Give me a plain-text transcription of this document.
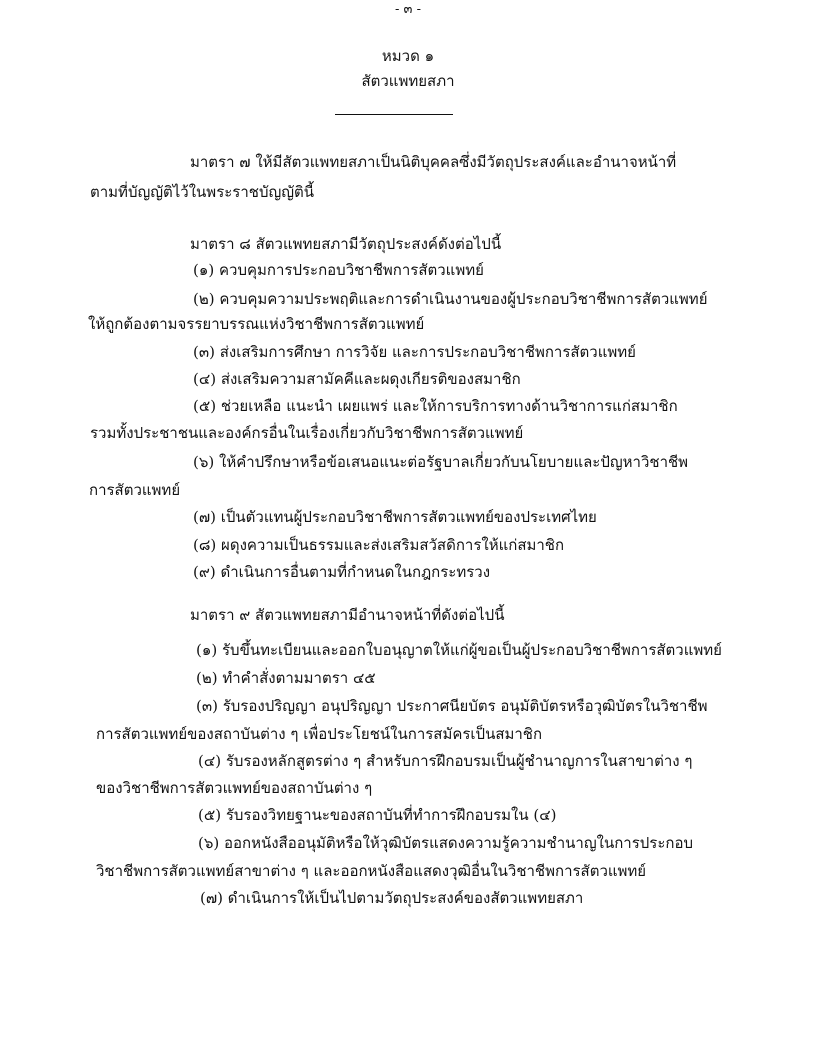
- ๓ -
หมวด ๑
สัตวแพทยสภา
มาตรา ๗ ให้มีสัตวแพทยสภาเป็นนิติบุคคลซึ่งมีวัตถุประสงค์และอำนาจหน้าที่
ตามที่บัญญัติไว้ในพระราชบัญญัตินี้
มาตรา ๘ สัตวแพทยสภามีวัตถุประสงค์ดังต่อไปนี้
(๑) ควบคุมการประกอบวิชาชีพการสัตวแพทย์
(๒) ควบคุมความประพฤติและการดำเนินงานของผู้ประกอบวิชาชีพการสัตวแพทย์
ให้ถูกต้องตามจรรยาบรรณแห่งวิชาชีพการสัตวแพทย์
(๓) ส่งเสริมการศึกษา การวิจัย และการประกอบวิชาชีพการสัตวแพทย์
(๔) ส่งเสริมความสามัคคีและผดุงเกียรติของสมาชิก
(๕) ช่วยเหลือ แนะนำ เผยแพร่ และให้การบริการทางด้านวิชาการแก่สมาชิก
รวมทั้งประชาชนและองค์กรอื่นในเรื่องเกี่ยวกับวิชาชีพการสัตวแพทย์
(๖) ให้คำปรึกษาหรือข้อเสนอแนะต่อรัฐบาลเกี่ยวกับนโยบายและปัญหาวิชาชีพ
การสัตวแพทย์
(๗) เป็นตัวแทนผู้ประกอบวิชาชีพการสัตวแพทย์ของประเทศไทย
(๘) ผดุงความเป็นธรรมและส่งเสริมสวัสดิการให้แก่สมาชิก
(๙) ดำเนินการอื่นตามที่กำหนดในกฎกระทรวง
มาตรา ๙ สัตวแพทยสภามีอำนาจหน้าที่ดังต่อไปนี้
(๑) รับขึ้นทะเบียนและออกใบอนุญาตให้แก่ผู้ขอเป็นผู้ประกอบวิชาชีพการสัตวแพทย์
(๒) ทำคำสั่งตามมาตรา ๔๕
(๓) รับรองปริญญา อนุปริญญา ประกาศนียบัตร อนุมัติบัตรหรือวุฒิบัตรในวิชาชีพ
การสัตวแพทย์ของสถาบันต่าง ๆ เพื่อประโยชน์ในการสมัครเป็นสมาชิก
(๔) รับรองหลักสูตรต่าง ๆ สำหรับการฝึกอบรมเป็นผู้ชำนาญการในสาขาต่าง ๆ
ของวิชาชีพการสัตวแพทย์ของสถาบันต่าง ๆ
(๕) รับรองวิทยฐานะของสถาบันที่ทำการฝึกอบรมใน (๔)
(๖) ออกหนังสืออนุมัติหรือให้วุฒิบัตรแสดงความรู้ความชำนาญในการประกอบ
วิชาชีพการสัตวแพทย์สาขาต่าง ๆ และออกหนังสือแสดงวุฒิอื่นในวิชาชีพการสัตวแพทย์
(๗) ดำเนินการให้เป็นไปตามวัตถุประสงค์ของสัตวแพทยสภา
